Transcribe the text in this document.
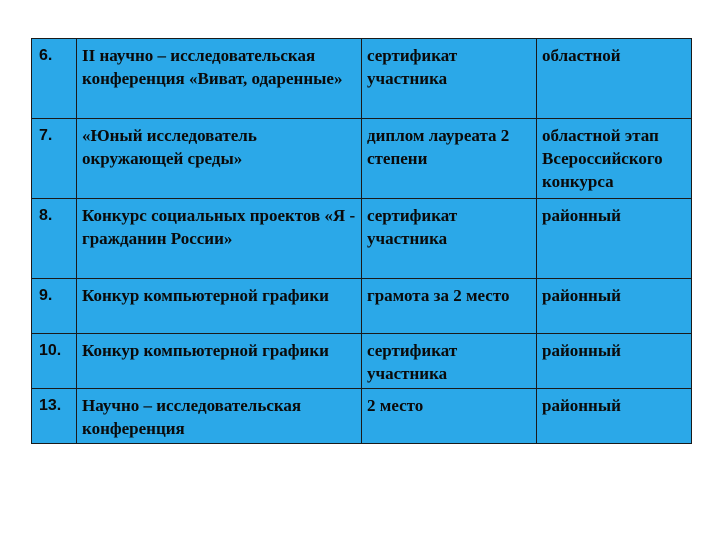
6.	II научно – исследовательская конференция «Виват, одаренные»	сертификат участника	областной
7.	«Юный исследователь окружающей среды»	диплом лауреата 2 степени	областной этап Всероссийского конкурса
8.	Конкурс социальных проектов «Я - гражданин России»	сертификат участника	районный
9.	Конкур компьютерной графики	грамота за 2 место	районный
10.	Конкур компьютерной графики	сертификат участника	районный
13.	Научно – исследовательская конференция	2 место	районный
